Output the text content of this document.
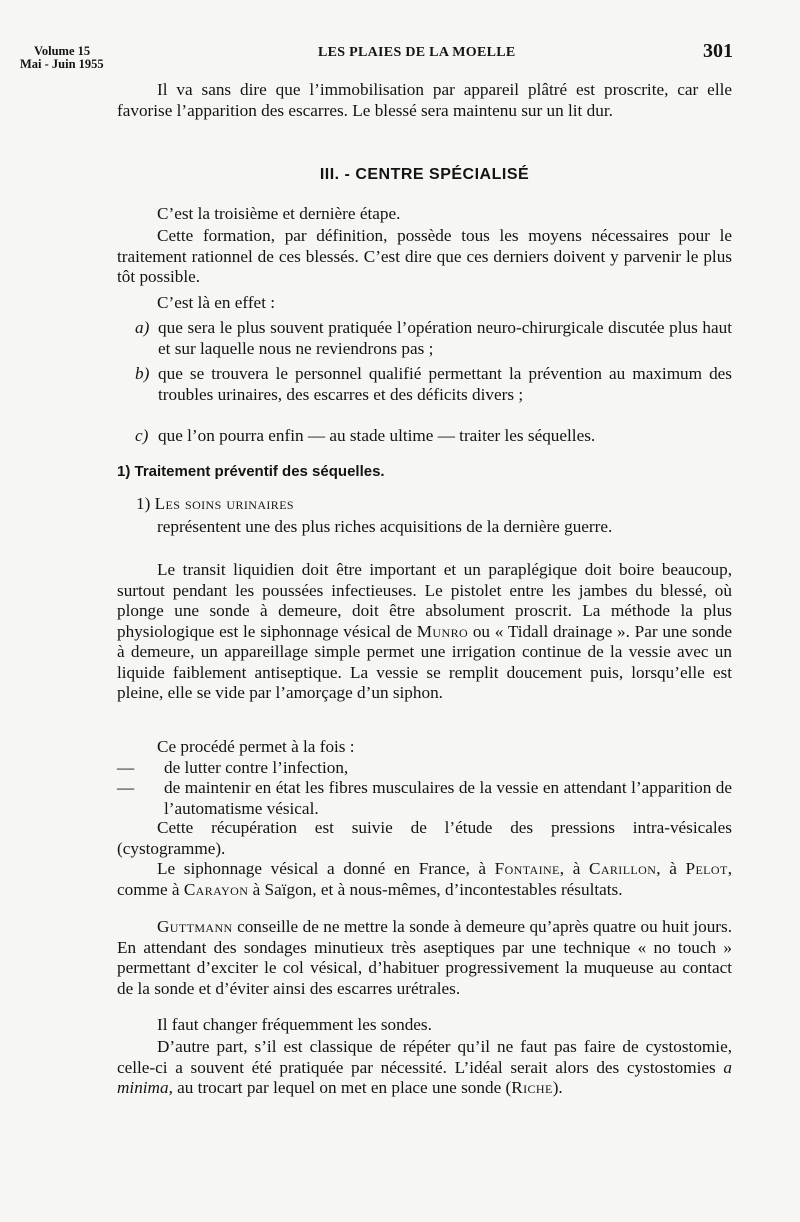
Volume 15
Mai - Juin 1955
LES PLAIES DE LA MOELLE	301

Il va sans dire que l’immobilisation par appareil plâtré est proscrite, car elle favorise l’apparition des escarres. Le blessé sera maintenu sur un lit dur.

III. - CENTRE SPÉCIALISÉ

C’est la troisième et dernière étape.

Cette formation, par définition, possède tous les moyens nécessaires pour le traitement rationnel de ces blessés. C’est dire que ces derniers doivent y parvenir le plus tôt possible.

C’est là en effet :

a) que sera le plus souvent pratiquée l’opération neuro-chirurgicale discutée plus haut et sur laquelle nous ne reviendrons pas ;
b) que se trouvera le personnel qualifié permettant la prévention au maximum des troubles urinaires, des escarres et des déficits divers ;
c) que l’on pourra enfin — au stade ultime — traiter les séquelles.
1) Traitement préventif des séquelles.
1) Les soins urinaires

représentent une des plus riches acquisitions de la dernière guerre.

Le transit liquidien doit être important et un paraplégique doit boire beaucoup, surtout pendant les poussées infectieuses. Le pistolet entre les jambes du blessé, où plonge une sonde à demeure, doit être absolument proscrit. La méthode la plus physiologique est le siphonnage vésical de Munro ou « Tidall drainage ». Par une sonde à demeure, un appareillage simple permet une irrigation continue de la vessie avec un liquide faiblement antiseptique. La vessie se remplit doucement puis, lorsqu’elle est pleine, elle se vide par l’amorçage d’un siphon.

Ce procédé permet à la fois :

— de lutter contre l’infection,
— de maintenir en état les fibres musculaires de la vessie en attendant l’apparition de l’automatisme vésical.

Cette récupération est suivie de l’étude des pressions intra-vésicales (cystogramme).

Le siphonnage vésical a donné en France, à Fontaine, à Carillon, à Pelot, comme à Carayon à Saïgon, et à nous-mêmes, d’incontestables résultats.

Guttmann conseille de ne mettre la sonde à demeure qu’après quatre ou huit jours. En attendant des sondages minutieux très aseptiques par une technique « no touch » permettant d’exciter le col vésical, d’habituer progressivement la muqueuse au contact de la sonde et d’éviter ainsi des escarres urétrales.

Il faut changer fréquemment les sondes.

D’autre part, s’il est classique de répéter qu’il ne faut pas faire de cystostomie, celle-ci a souvent été pratiquée par nécessité. L’idéal serait alors des cystostomies a minima, au trocart par lequel on met en place une sonde (Riche).
